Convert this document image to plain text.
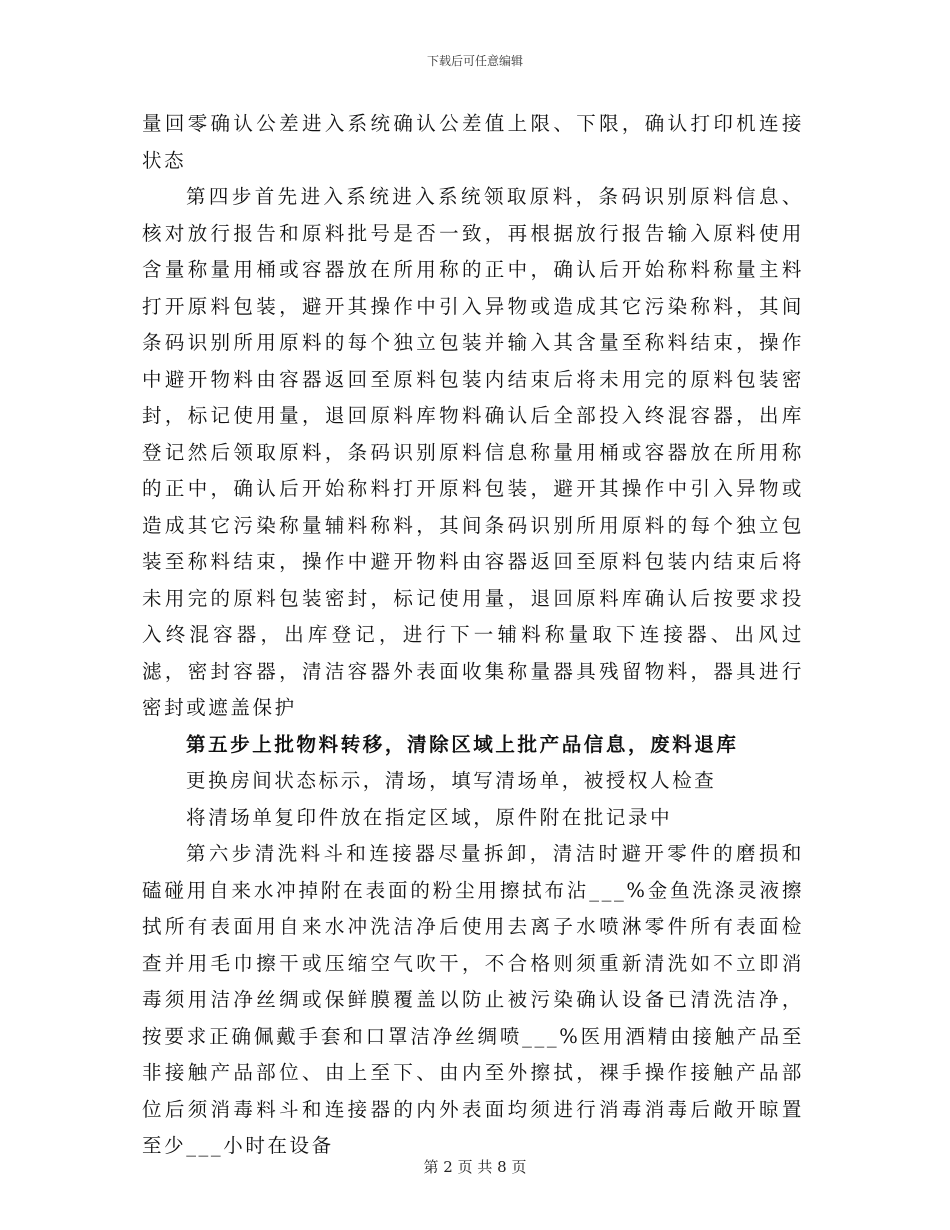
下载后可任意编辑

量回零确认公差进入系统确认公差值上限、下限，确认打印机连接状态

第四步首先进入系统进入系统领取原料，条码识别原料信息、核对放行报告和原料批号是否一致，再根据放行报告输入原料使用含量称量用桶或容器放在所用称的正中，确认后开始称料称量主料打开原料包装，避开其操作中引入异物或造成其它污染称料，其间条码识别所用原料的每个独立包装并输入其含量至称料结束，操作中避开物料由容器返回至原料包装内结束后将未用完的原料包装密封，标记使用量，退回原料库物料确认后全部投入终混容器，出库登记然后领取原料，条码识别原料信息称量用桶或容器放在所用称的正中，确认后开始称料打开原料包装，避开其操作中引入异物或造成其它污染称量辅料称料，其间条码识别所用原料的每个独立包装至称料结束，操作中避开物料由容器返回至原料包装内结束后将未用完的原料包装密封，标记使用量，退回原料库确认后按要求投入终混容器，出库登记，进行下一辅料称量取下连接器、出风过滤，密封容器，清洁容器外表面收集称量器具残留物料，器具进行密封或遮盖保护

第五步上批物料转移，清除区域上批产品信息，废料退库

更换房间状态标示，清场，填写清场单，被授权人检查

将清场单复印件放在指定区域，原件附在批记录中

第六步清洗料斗和连接器尽量拆卸，清洁时避开零件的磨损和磕碰用自来水冲掉附在表面的粉尘用擦拭布沾___%金鱼洗涤灵液擦拭所有表面用自来水冲洗洁净后使用去离子水喷淋零件所有表面检查并用毛巾擦干或压缩空气吹干，不合格则须重新清洗如不立即消毒须用洁净丝绸或保鲜膜覆盖以防止被污染确认设备已清洗洁净，按要求正确佩戴手套和口罩洁净丝绸喷___%医用酒精由接触产品至非接触产品部位、由上至下、由内至外擦拭，裸手操作接触产品部位后须消毒料斗和连接器的内外表面均须进行消毒消毒后敞开晾置至少___小时在设备

第 2 页 共 8 页
